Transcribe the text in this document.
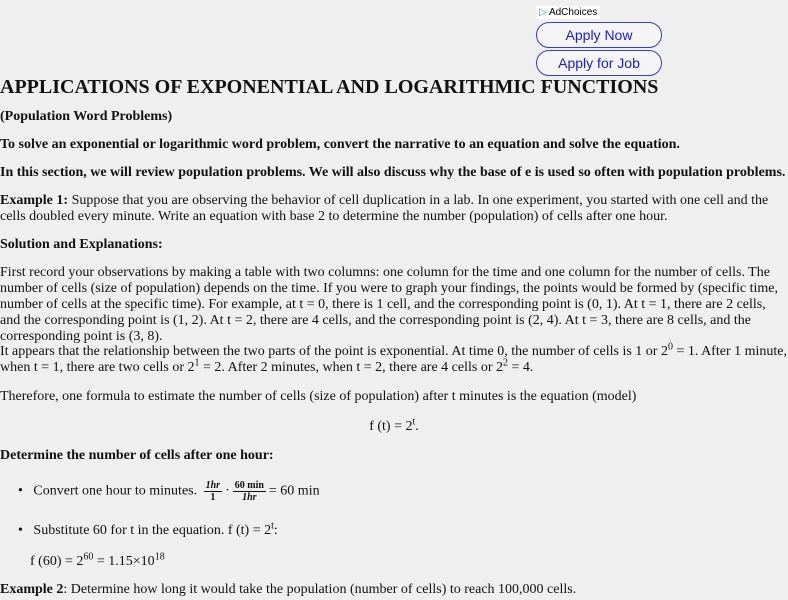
▷ AdChoices
Apply Now
Apply for Job
APPLICATIONS OF EXPONENTIAL AND LOGARITHMIC FUNCTIONS
(Population Word Problems)
To solve an exponential or logarithmic word problem, convert the narrative to an equation and solve the equation.
In this section, we will review population problems. We will also discuss why the base of e is used so often with population problems.
Example 1: Suppose that you are observing the behavior of cell duplication in a lab. In one experiment, you started with one cell and the cells doubled every minute. Write an equation with base 2 to determine the number (population) of cells after one hour.
Solution and Explanations:
First record your observations by making a table with two columns: one column for the time and one column for the number of cells. The number of cells (size of population) depends on the time. If you were to graph your findings, the points would be formed by (specific time, number of cells at the specific time). For example, at t = 0, there is 1 cell, and the corresponding point is (0, 1). At t = 1, there are 2 cells, and the corresponding point is (1, 2). At t = 2, there are 4 cells, and the corresponding point is (2, 4). At t = 3, there are 8 cells, and the corresponding point is (3, 8).
It appears that the relationship between the two parts of the point is exponential. At time 0, the number of cells is 1 or $2^0 = 1$. After 1 minute, when t = 1, there are two cells or $2^1 = 2$. After 2 minutes, when t = 2, there are 4 cells or $2^2 = 4$.
Therefore, one formula to estimate the number of cells (size of population) after t minutes is the equation (model)
f $(t) = 2^t$.
Determine the number of cells after one hour:
•   Convert one hour to minutes. $\frac{1hr}{1} \cdot \frac{60 \min}{1hr} = 60$ min
•   Substitute 60 for t in the equation. f $(t) = 2^t$:
f $(60) = 2^{60} = 1.15\times 10^{18}$
Example 2: Determine how long it would take the population (number of cells) to reach 100,000 cells.
